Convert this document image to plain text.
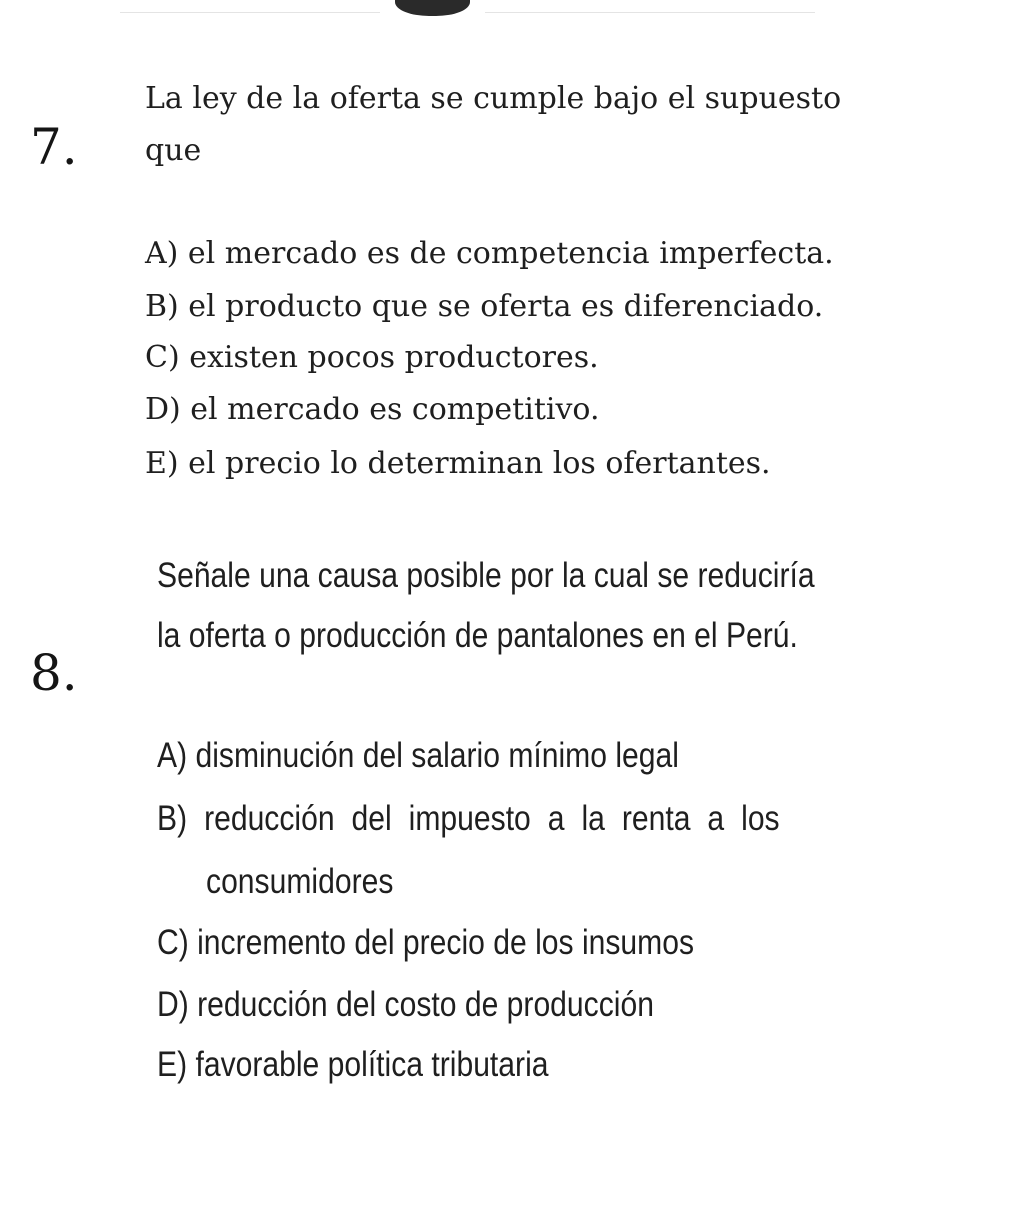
7.
La ley de la oferta se cumple bajo el supuesto
que
A) el mercado es de competencia imperfecta.
B) el producto que se oferta es diferenciado.
C) existen pocos productores.
D) el mercado es competitivo.
E) el precio lo determinan los ofertantes.
8.
Señale una causa posible por la cual se reduciría
la oferta o producción de pantalones en el Perú.
A) disminución del salario mínimo legal
B) reducción del impuesto a la renta a los
consumidores
C) incremento del precio de los insumos
D) reducción del costo de producción
E) favorable política tributaria
